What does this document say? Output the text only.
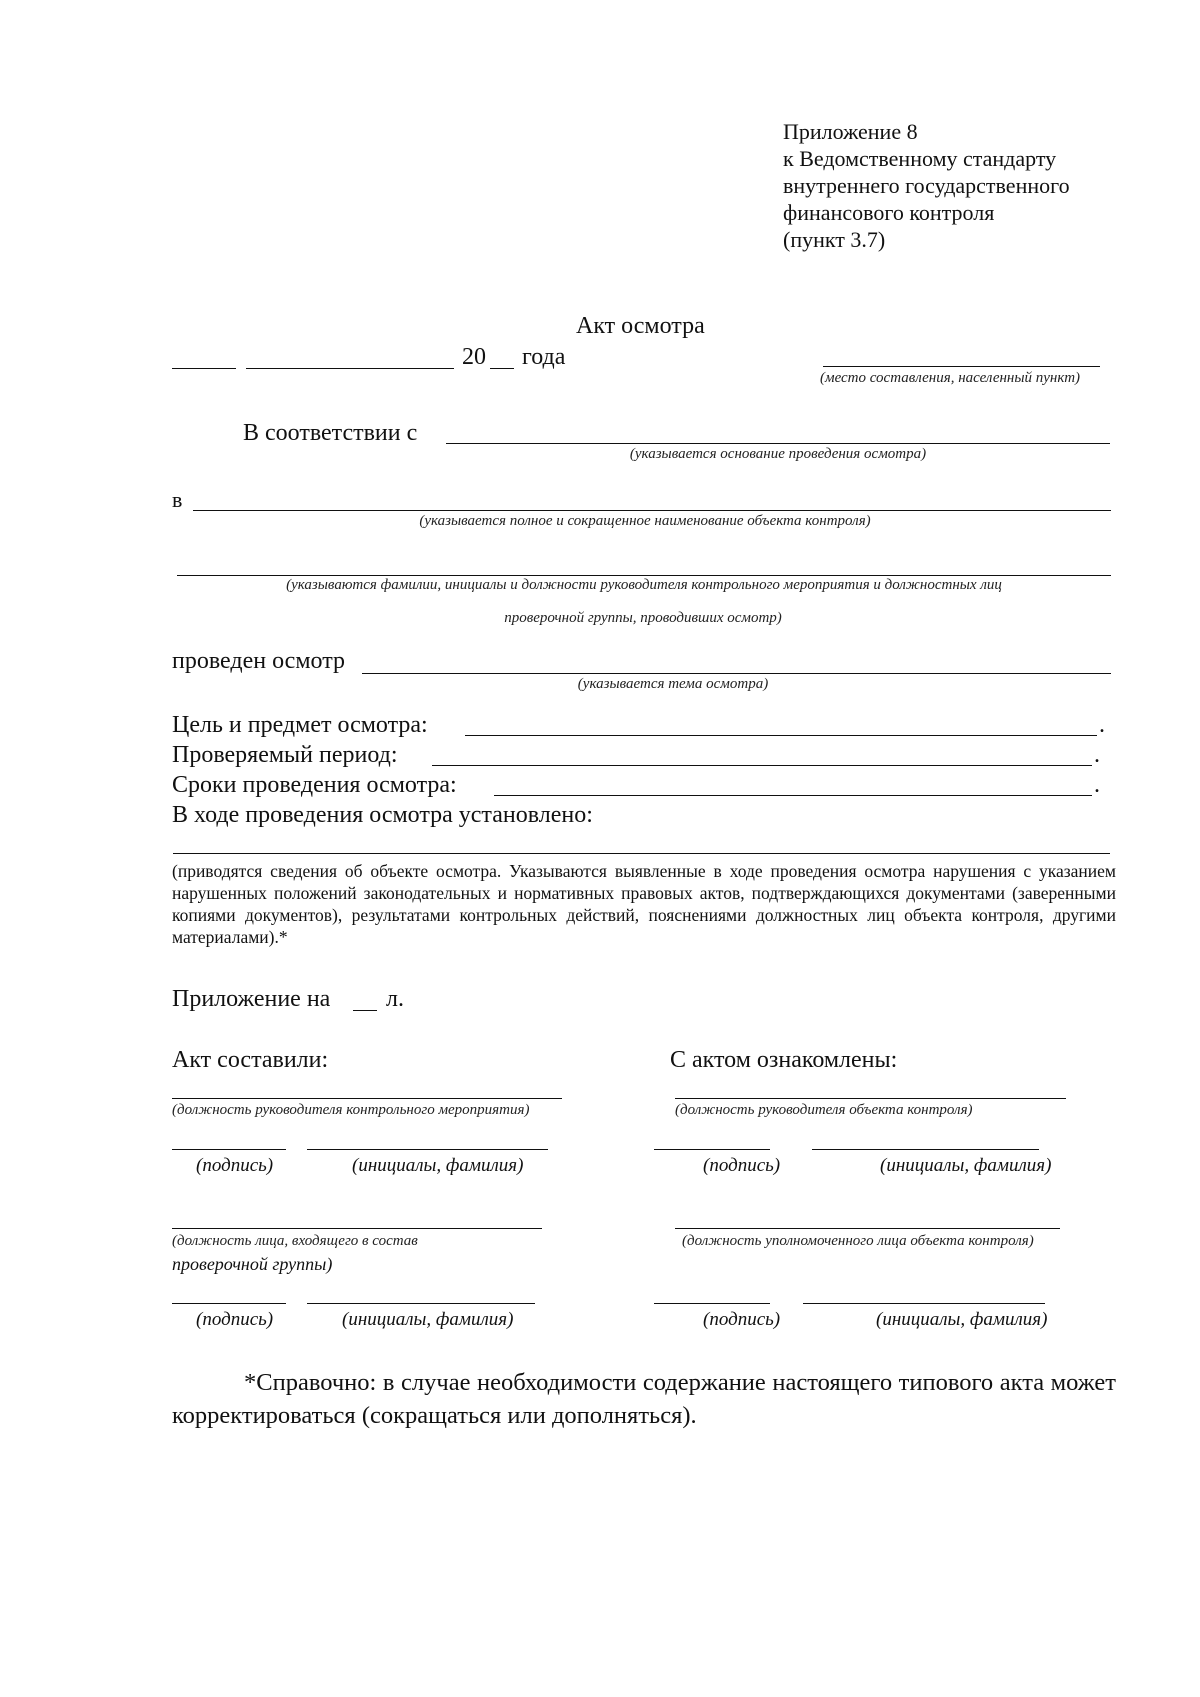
Приложение 8
к Ведомственному стандарту
внутреннего государственного
финансового контроля
(пункт 3.7)
Акт осмотра
20 года
(место составления, населенный пункт)
В соответствии с
(указывается основание проведения осмотра)
в
(указывается полное и сокращенное наименование объекта контроля)
(указываются фамилии, инициалы и должности руководителя контрольного мероприятия и должностных лиц
проверочной группы, проводивших осмотр)
проведен осмотр
(указывается тема осмотра)
Цель и предмет осмотра:	.
Проверяемый период:	.
Сроки проведения осмотра:	.
В ходе проведения осмотра установлено:
(приводятся сведения об объекте осмотра. Указываются выявленные в ходе проведения осмотра нарушения с указанием нарушенных положений законодательных и нормативных правовых актов, подтверждающихся документами (заверенными копиями документов), результатами контрольных действий, пояснениями должностных лиц объекта контроля, другими материалами).*
Приложение на л.
Акт составили:	С актом ознакомлены:
(должность руководителя контрольного мероприятия)
(подпись)	(инициалы, фамилия)
(должность руководителя объекта контроля)
(подпись)	(инициалы, фамилия)
(должность лица, входящего в состав
проверочной группы)
(подпись)	(инициалы, фамилия)
(должность уполномоченного лица объекта контроля)
(подпись)	(инициалы, фамилия)
*Справочно: в случае необходимости содержание настоящего типового акта может корректироваться (сокращаться или дополняться).
